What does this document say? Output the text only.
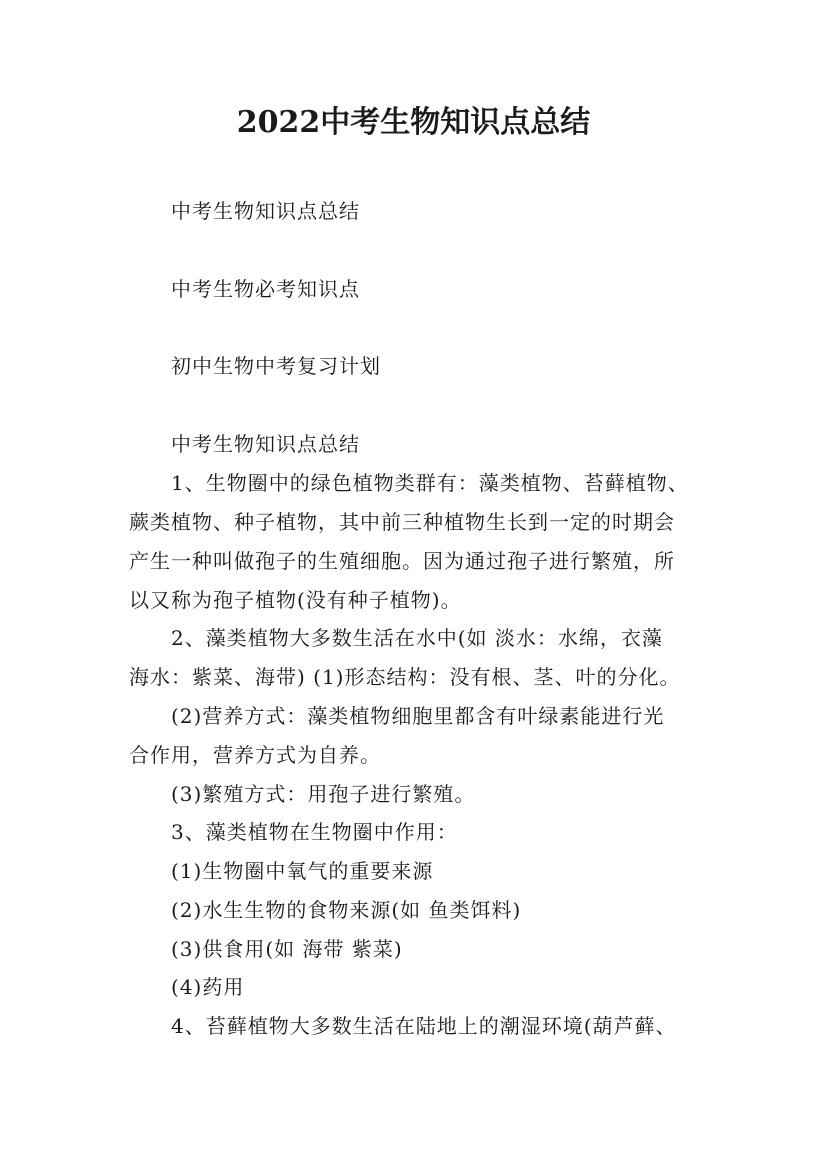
2022中考生物知识点总结
中考生物知识点总结
中考生物必考知识点
初中生物中考复习计划
中考生物知识点总结
1、生物圈中的绿色植物类群有：藻类植物、苔藓植物、
蕨类植物、种子植物，其中前三种植物生长到一定的时期会
产生一种叫做孢子的生殖细胞。因为通过孢子进行繁殖，所
以又称为孢子植物(没有种子植物)。
2、藻类植物大多数生活在水中(如 淡水：水绵，衣藻
海水：紫菜、海带) (1)形态结构：没有根、茎、叶的分化。
(2)营养方式：藻类植物细胞里都含有叶绿素能进行光
合作用，营养方式为自养。
(3)繁殖方式：用孢子进行繁殖。
3、藻类植物在生物圈中作用：
(1)生物圈中氧气的重要来源
(2)水生生物的食物来源(如 鱼类饵料)
(3)供食用(如 海带 紫菜)
(4)药用
4、苔藓植物大多数生活在陆地上的潮湿环境(葫芦藓、
